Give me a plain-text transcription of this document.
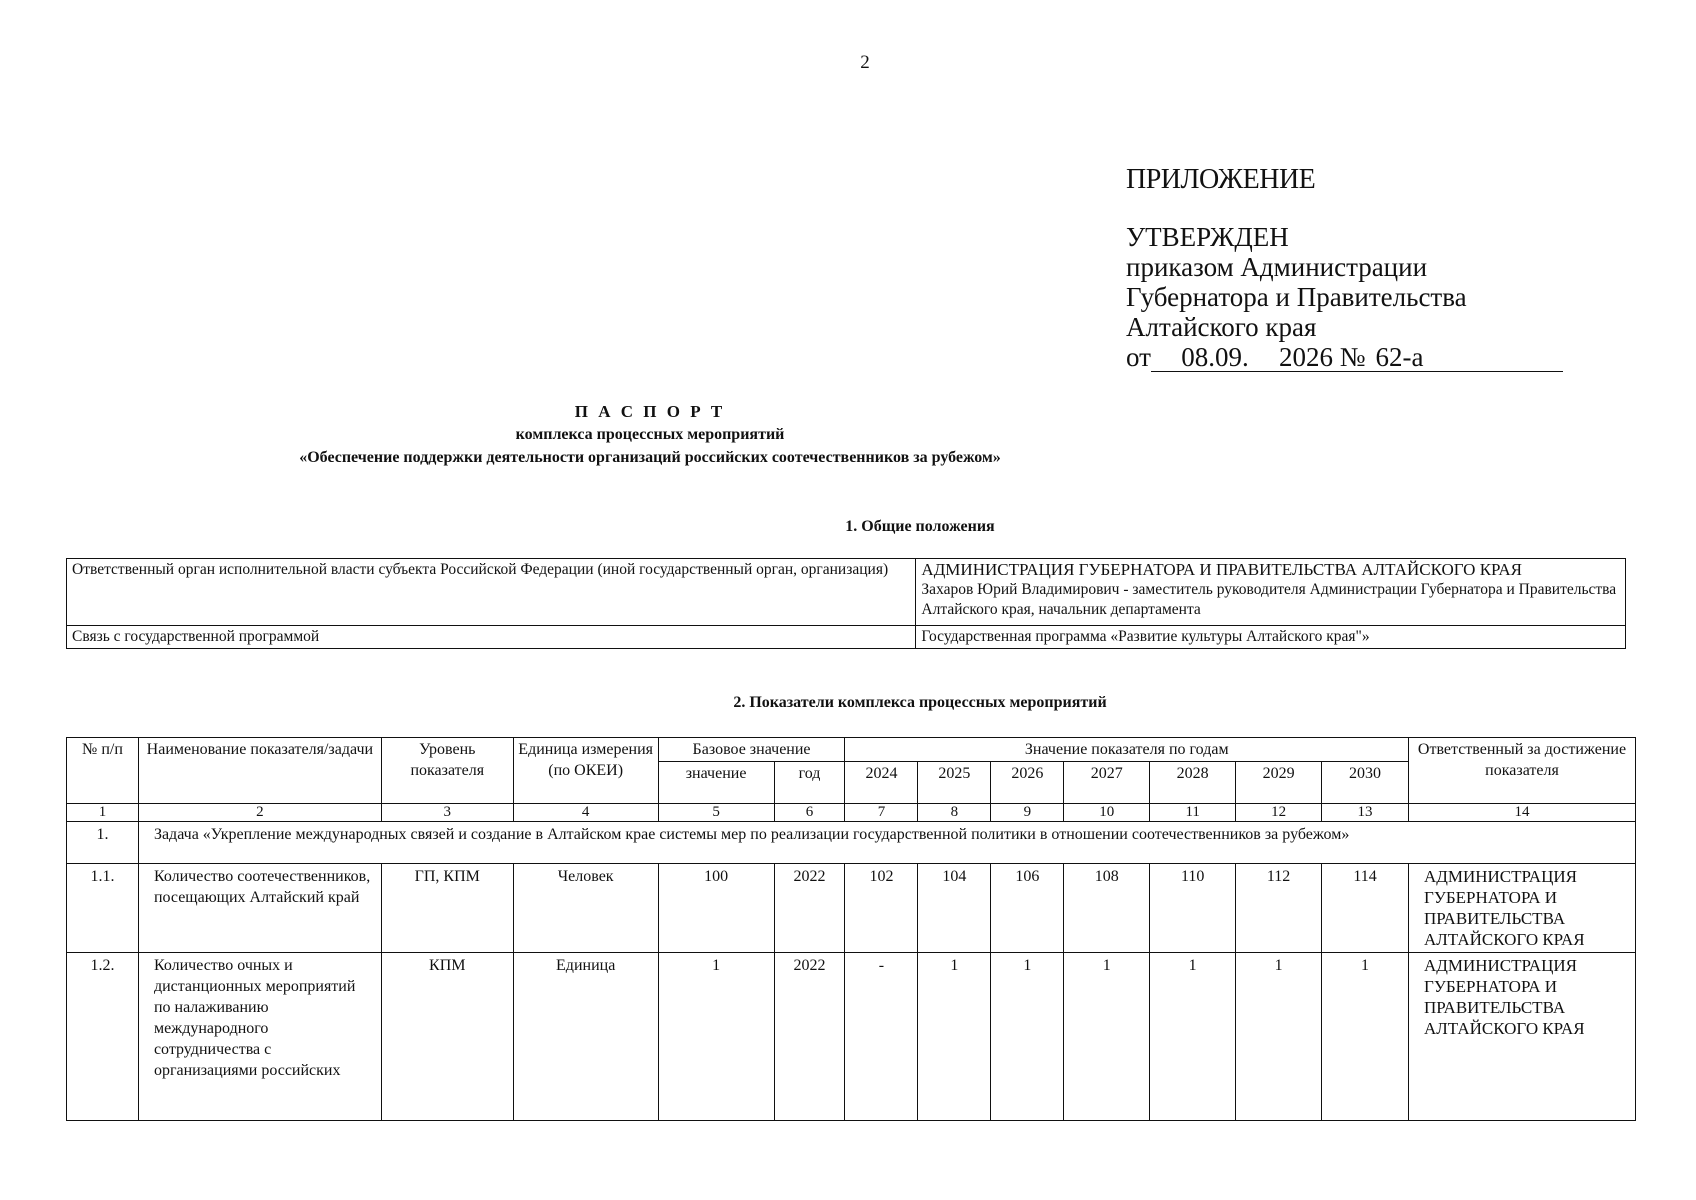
2
ПРИЛОЖЕНИЕ
УТВЕРЖДЕН
приказом Администрации
Губернатора и Правительства
Алтайского края
от 08.09. 2026 № 62-а
П А С П О Р Т
комплекса процессных мероприятий
«Обеспечение поддержки деятельности организаций российских соотечественников за рубежом»
1. Общие положения
Ответственный орган исполнительной власти субъекта Российской Федерации (иной государственный орган, организация)	АДМИНИСТРАЦИЯ ГУБЕРНАТОРА И ПРАВИТЕЛЬСТВА АЛТАЙСКОГО КРАЯ
Захаров Юрий Владимирович - заместитель руководителя Администрации Губернатора и Правительства Алтайского края, начальник департамента

Связь с государственной программой	Государственная программа «Развитие культуры Алтайского края"»
2. Показатели комплекса процессных мероприятий
№ п/п	Наименование показателя/задачи	Уровень показателя	Единица измерения (по ОКЕИ)	Базовое значение		Значение показателя по годам							Ответственный за достижение показателя
				значение	год	2024	2025	2026	2027	2028	2029	2030	
1	2	3	4	5	6	7	8	9	10	11	12	13	14
1.	Задача «Укрепление международных связей и создание в Алтайском крае системы мер по реализации государственной политики в отношении соотечественников за рубежом»												
1.1.	Количество соотечественников, посещающих Алтайский край	ГП, КПМ	Человек	100	2022	102	104	106	108	110	112	114	АДМИНИСТРАЦИЯ ГУБЕРНАТОРА И ПРАВИТЕЛЬСТВА АЛТАЙСКОГО КРАЯ
1.2.	Количество очных и дистанционных мероприятий по налаживанию международного сотрудничества с организациями российских	КПМ	Единица	1	2022	-	1	1	1	1	1	1	АДМИНИСТРАЦИЯ ГУБЕРНАТОРА И ПРАВИТЕЛЬСТВА АЛТАЙСКОГО КРАЯ
